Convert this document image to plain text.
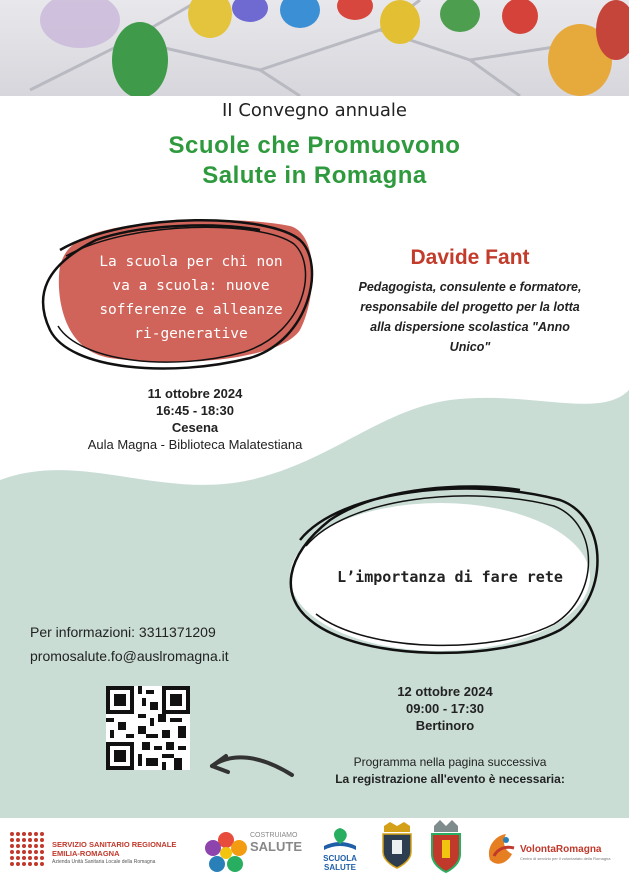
II Convegno annuale
Scuole che Promuovono
Salute in Romagna
La scuola per chi non
va a scuola: nuove
sofferenze e alleanze
ri-generative
Davide Fant
Pedagogista, consulente e formatore,
responsabile del progetto per la lotta
alla dispersione scolastica "Anno
Unico"
11 ottobre 2024
16:45 - 18:30
Cesena
Aula Magna - Biblioteca Malatestiana
L’importanza di fare rete
Per informazioni: 3311371209
promosalute.fo@auslromagna.it
12 ottobre 2024
09:00 - 17:30
Bertinoro
Programma nella pagina successiva
La registrazione all'evento è necessaria:
SERVIZIO SANITARIO REGIONALE
EMILIA-ROMAGNA
Azienda Unità Sanitaria Locale della Romagna
COSTRUIAMO
SALUTE
SCUOLA
SALUTE
VolontaRomagna
Centro di servizio per il volontariato della Romagna
